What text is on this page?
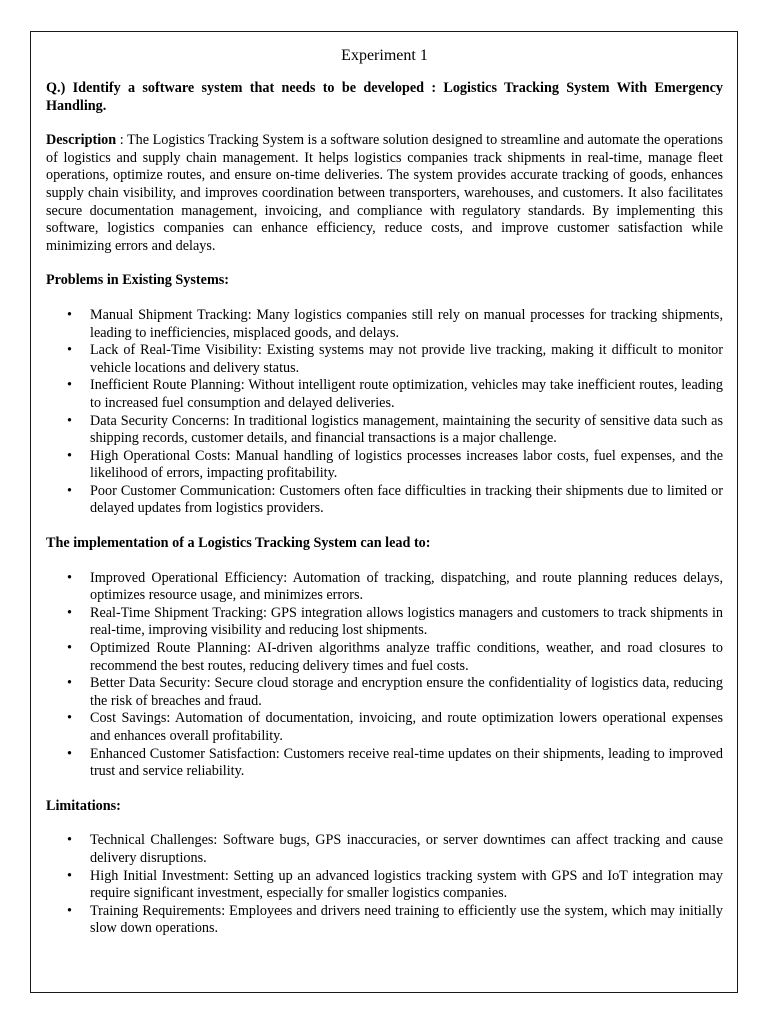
Experiment 1
Q.) Identify a software system that needs to be developed : Logistics Tracking System With Emergency Handling.
Description : The Logistics Tracking System is a software solution designed to streamline and automate the operations of logistics and supply chain management. It helps logistics companies track shipments in real-time, manage fleet operations, optimize routes, and ensure on-time deliveries. The system provides accurate tracking of goods, enhances supply chain visibility, and improves coordination between transporters, warehouses, and customers. It also facilitates secure documentation management, invoicing, and compliance with regulatory standards. By implementing this software, logistics companies can enhance efficiency, reduce costs, and improve customer satisfaction while minimizing errors and delays.
Problems in Existing Systems:
• Manual Shipment Tracking: Many logistics companies still rely on manual processes for tracking shipments, leading to inefficiencies, misplaced goods, and delays.
• Lack of Real-Time Visibility: Existing systems may not provide live tracking, making it difficult to monitor vehicle locations and delivery status.
• Inefficient Route Planning: Without intelligent route optimization, vehicles may take inefficient routes, leading to increased fuel consumption and delayed deliveries.
• Data Security Concerns: In traditional logistics management, maintaining the security of sensitive data such as shipping records, customer details, and financial transactions is a major challenge.
• High Operational Costs: Manual handling of logistics processes increases labor costs, fuel expenses, and the likelihood of errors, impacting profitability.
• Poor Customer Communication: Customers often face difficulties in tracking their shipments due to limited or delayed updates from logistics providers.
The implementation of a Logistics Tracking System can lead to:
• Improved Operational Efficiency: Automation of tracking, dispatching, and route planning reduces delays, optimizes resource usage, and minimizes errors.
• Real-Time Shipment Tracking: GPS integration allows logistics managers and customers to track shipments in real-time, improving visibility and reducing lost shipments.
• Optimized Route Planning: AI-driven algorithms analyze traffic conditions, weather, and road closures to recommend the best routes, reducing delivery times and fuel costs.
• Better Data Security: Secure cloud storage and encryption ensure the confidentiality of logistics data, reducing the risk of breaches and fraud.
• Cost Savings: Automation of documentation, invoicing, and route optimization lowers operational expenses and enhances overall profitability.
• Enhanced Customer Satisfaction: Customers receive real-time updates on their shipments, leading to improved trust and service reliability.
Limitations:
• Technical Challenges: Software bugs, GPS inaccuracies, or server downtimes can affect tracking and cause delivery disruptions.
• High Initial Investment: Setting up an advanced logistics tracking system with GPS and IoT integration may require significant investment, especially for smaller logistics companies.
• Training Requirements: Employees and drivers need training to efficiently use the system, which may initially slow down operations.
